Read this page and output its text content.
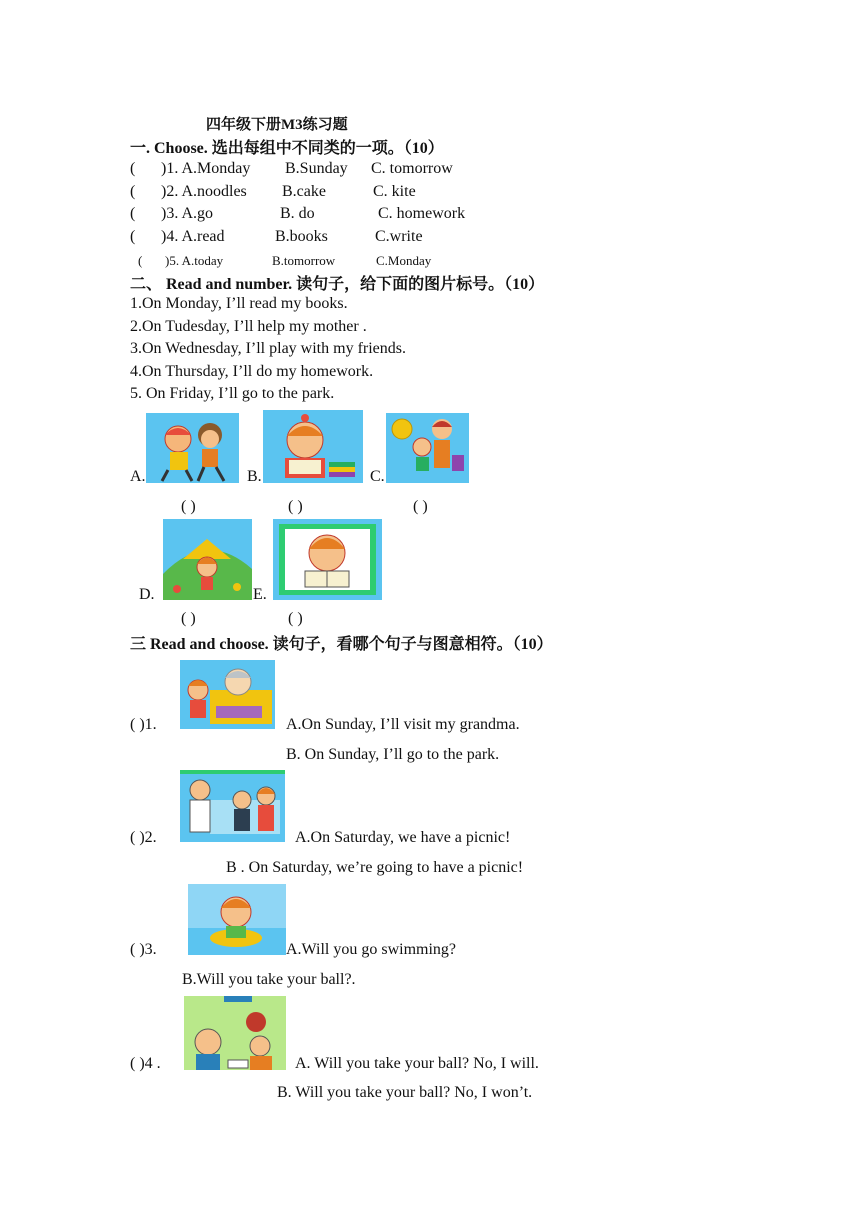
四年级下册M3练习题
一. Choose. 选出每组中不同类的一项。（10）
( )1. A.Monday B.Sunday C. tomorrow
( )2. A.noodles B.cake	C. kite
( )3. A.go	B. do	C. homework
( )4. A.read	B.books	C.write
( )5. A.today	B.tomorrow	C.Monday
二、 Read and number. 读句子，给下面的图片标号。（10）
1.On Monday, I’ll read my books.
2.On Tudesday, I’ll help my mother .
3.On Wednesday, I’ll play with my friends.
4.On Thursday, I’ll do my homework.
5. On Friday, I’ll go to the park.
A.	B.	C.
( )	( )	( )
D.	E.
( )	( )
三 Read and choose. 读句子，看哪个句子与图意相符。（10）
( )1.	A.On Sunday, I’ll visit my grandma.
B. On Sunday, I’ll go to the park.
( )2.	A.On Saturday, we have a picnic!
B . On Saturday, we’re going to have a picnic!
( )3.	A.Will you go swimming?
B.Will you take your ball?.
( )4 .	A. Will you take your ball? No, I will.
B. Will you take your ball? No, I won’t.
